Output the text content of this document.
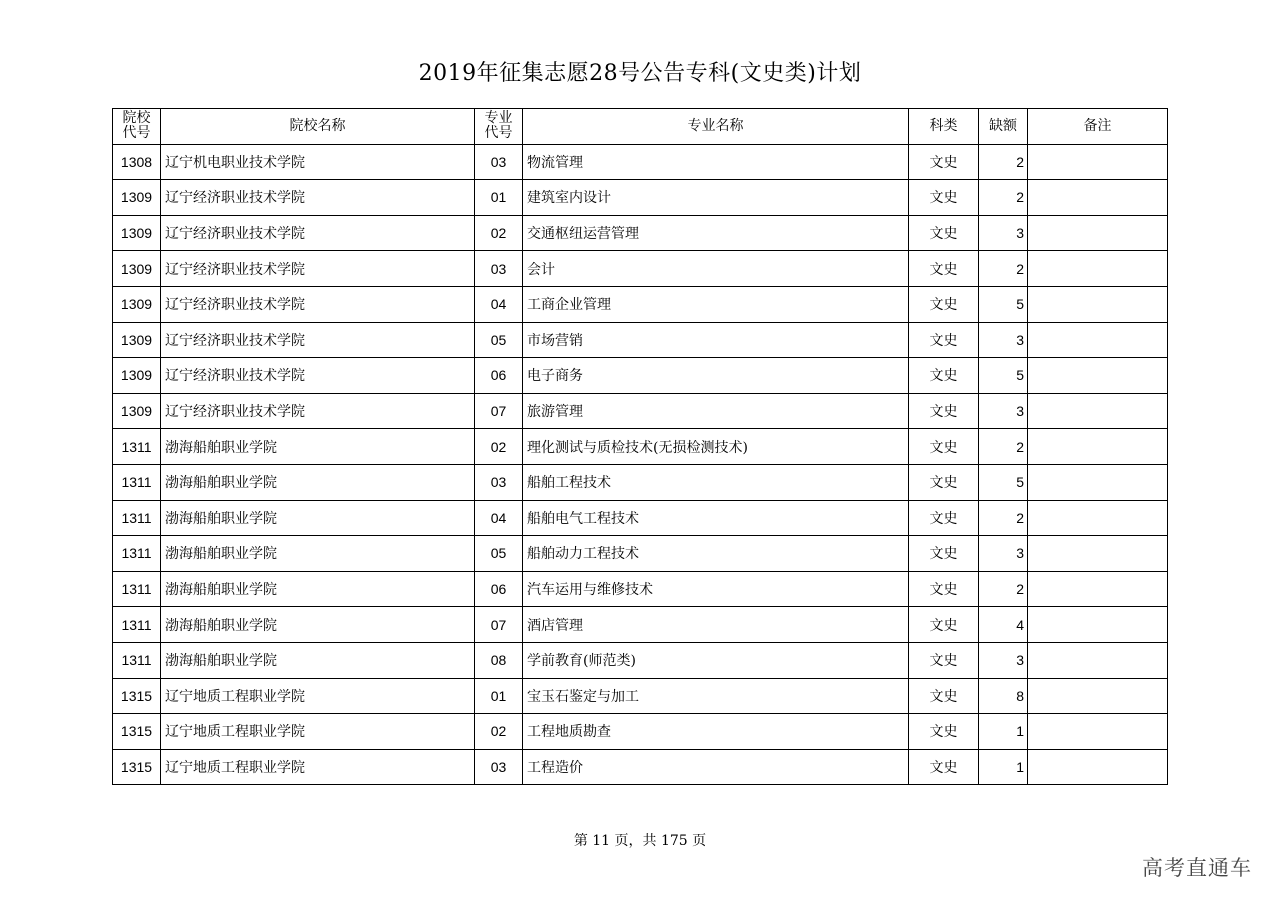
2019年征集志愿28号公告专科(文史类)计划
院校代号	院校名称	专业代号	专业名称	科类	缺额	备注
1308	辽宁机电职业技术学院	03	物流管理	文史	2	
1309	辽宁经济职业技术学院	01	建筑室内设计	文史	2	
1309	辽宁经济职业技术学院	02	交通枢纽运营管理	文史	3	
1309	辽宁经济职业技术学院	03	会计	文史	2	
1309	辽宁经济职业技术学院	04	工商企业管理	文史	5	
1309	辽宁经济职业技术学院	05	市场营销	文史	3	
1309	辽宁经济职业技术学院	06	电子商务	文史	5	
1309	辽宁经济职业技术学院	07	旅游管理	文史	3	
1311	渤海船舶职业学院	02	理化测试与质检技术(无损检测技术)	文史	2	
1311	渤海船舶职业学院	03	船舶工程技术	文史	5	
1311	渤海船舶职业学院	04	船舶电气工程技术	文史	2	
1311	渤海船舶职业学院	05	船舶动力工程技术	文史	3	
1311	渤海船舶职业学院	06	汽车运用与维修技术	文史	2	
1311	渤海船舶职业学院	07	酒店管理	文史	4	
1311	渤海船舶职业学院	08	学前教育(师范类)	文史	3	
1315	辽宁地质工程职业学院	01	宝玉石鉴定与加工	文史	8	
1315	辽宁地质工程职业学院	02	工程地质勘查	文史	1	
1315	辽宁地质工程职业学院	03	工程造价	文史	1	
第 11 页，共 175 页
高考直通车
